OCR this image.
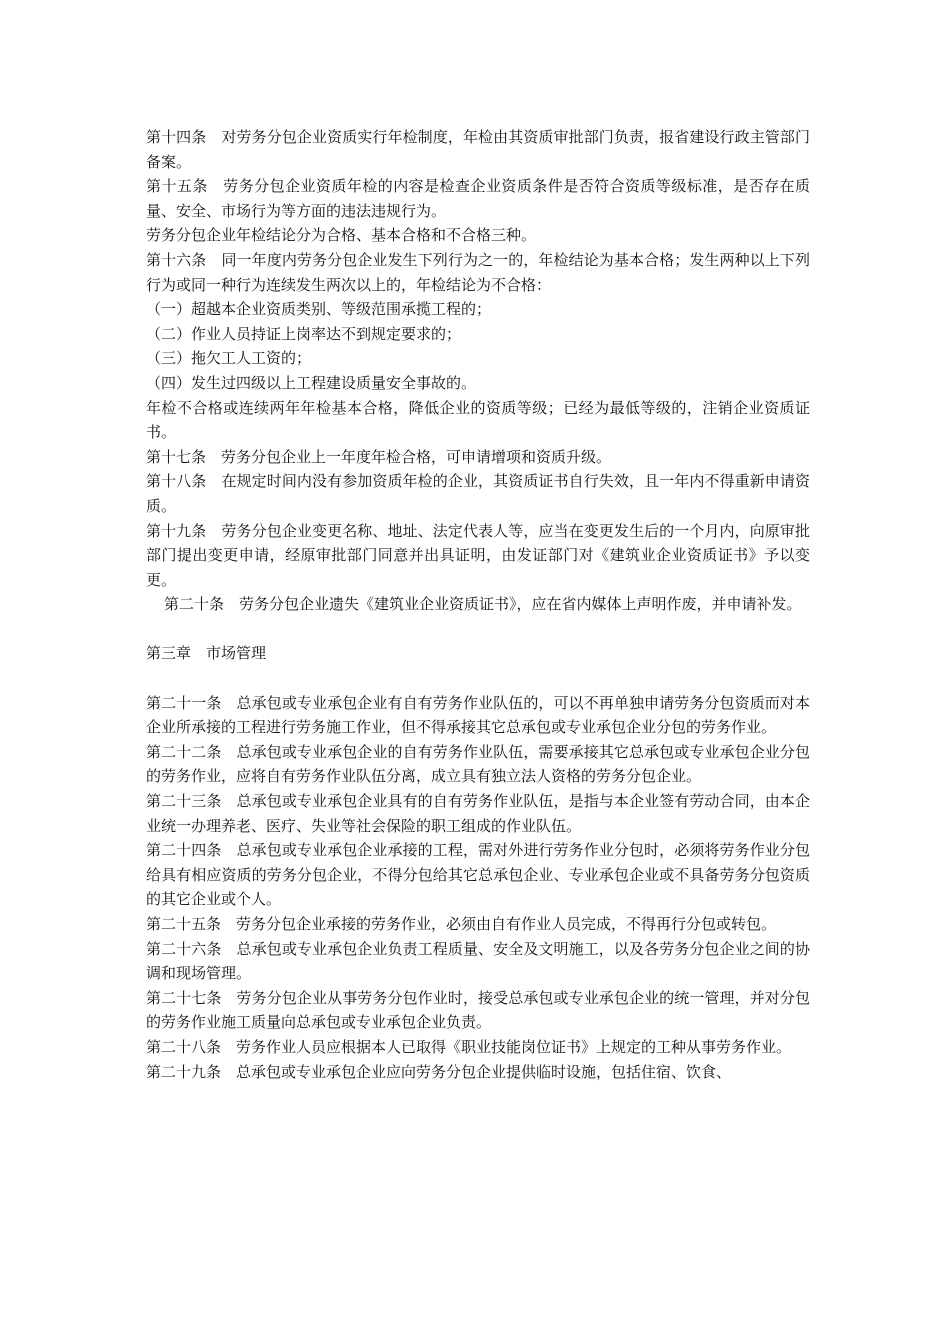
第十四条　对劳务分包企业资质实行年检制度，年检由其资质审批部门负责，报省建设行政主管部门备案。

第十五条　劳务分包企业资质年检的内容是检查企业资质条件是否符合资质等级标准，是否存在质量、安全、市场行为等方面的违法违规行为。

劳务分包企业年检结论分为合格、基本合格和不合格三种。

第十六条　同一年度内劳务分包企业发生下列行为之一的，年检结论为基本合格；发生两种以上下列行为或同一种行为连续发生两次以上的，年检结论为不合格：

（一）超越本企业资质类别、等级范围承揽工程的；

（二）作业人员持证上岗率达不到规定要求的；

（三）拖欠工人工资的；

（四）发生过四级以上工程建设质量安全事故的。

年检不合格或连续两年年检基本合格，降低企业的资质等级；已经为最低等级的，注销企业资质证书。

第十七条　劳务分包企业上一年度年检合格，可申请增项和资质升级。

第十八条　在规定时间内没有参加资质年检的企业，其资质证书自行失效，且一年内不得重新申请资质。

第十九条　劳务分包企业变更名称、地址、法定代表人等，应当在变更发生后的一个月内，向原审批部门提出变更申请，经原审批部门同意并出具证明，由发证部门对《建筑业企业资质证书》予以变更。

第二十条　劳务分包企业遗失《建筑业企业资质证书》，应在省内媒体上声明作废，并申请补发。

第三章　市场管理

第二十一条　总承包或专业承包企业有自有劳务作业队伍的，可以不再单独申请劳务分包资质而对本企业所承接的工程进行劳务施工作业，但不得承接其它总承包或专业承包企业分包的劳务作业。

第二十二条　总承包或专业承包企业的自有劳务作业队伍，需要承接其它总承包或专业承包企业分包的劳务作业，应将自有劳务作业队伍分离，成立具有独立法人资格的劳务分包企业。

第二十三条　总承包或专业承包企业具有的自有劳务作业队伍，是指与本企业签有劳动合同，由本企业统一办理养老、医疗、失业等社会保险的职工组成的作业队伍。

第二十四条　总承包或专业承包企业承接的工程，需对外进行劳务作业分包时，必须将劳务作业分包给具有相应资质的劳务分包企业，不得分包给其它总承包企业、专业承包企业或不具备劳务分包资质的其它企业或个人。

第二十五条　劳务分包企业承接的劳务作业，必须由自有作业人员完成，不得再行分包或转包。

第二十六条　总承包或专业承包企业负责工程质量、安全及文明施工，以及各劳务分包企业之间的协调和现场管理。

第二十七条　劳务分包企业从事劳务分包作业时，接受总承包或专业承包企业的统一管理，并对分包的劳务作业施工质量向总承包或专业承包企业负责。

第二十八条　劳务作业人员应根据本人已取得《职业技能岗位证书》上规定的工种从事劳务作业。

第二十九条　总承包或专业承包企业应向劳务分包企业提供临时设施，包括住宿、饮食、
